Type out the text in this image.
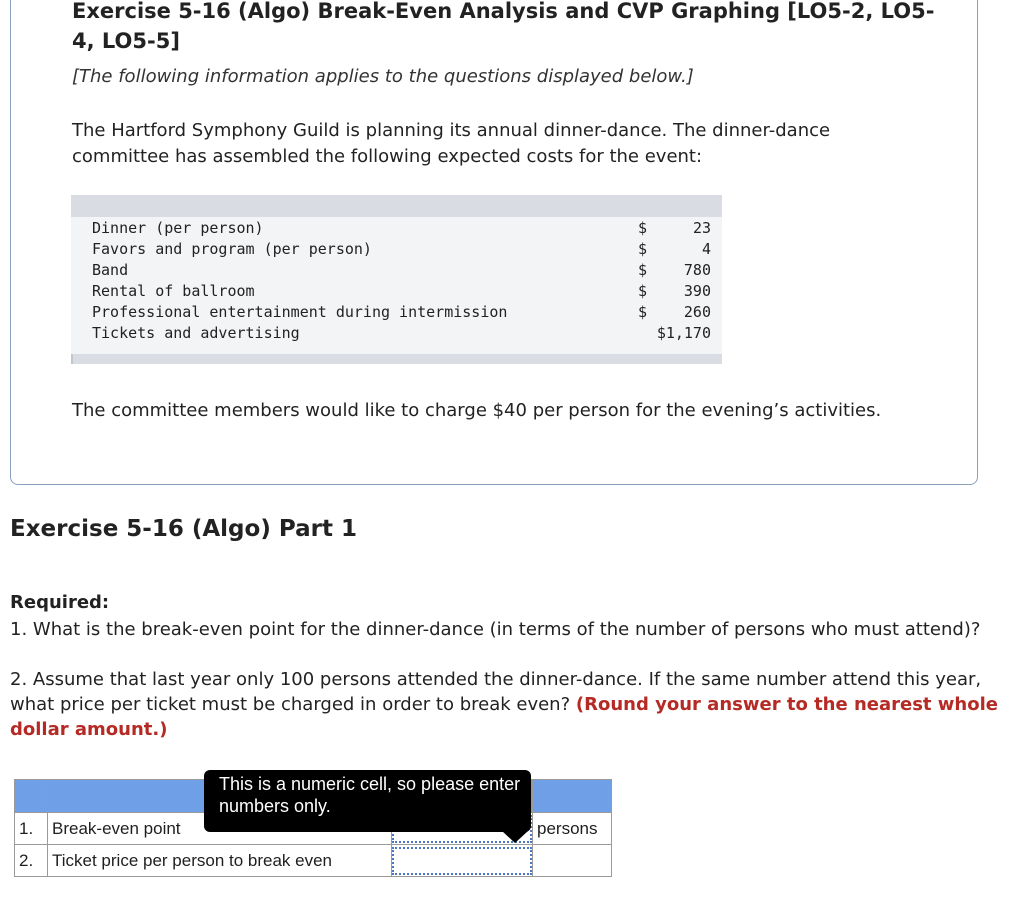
Exercise 5-16 (Algo) Break-Even Analysis and CVP Graphing [LO5-2, LO5-4, LO5-5]
[The following information applies to the questions displayed below.]
The Hartford Symphony Guild is planning its annual dinner-dance. The dinner-dance committee has assembled the following expected costs for the event:
Dinner (per person)	$	23
Favors and program (per person)	$	4
Band	$	780
Rental of ballroom	$	390
Professional entertainment during intermission	$	260
Tickets and advertising	$1,170
The committee members would like to charge $40 per person for the evening’s activities.
Exercise 5-16 (Algo) Part 1
Required:
1. What is the break-even point for the dinner-dance (in terms of the number of persons who must attend)?
2. Assume that last year only 100 persons attended the dinner-dance. If the same number attend this year, what price per ticket must be charged in order to break even? (Round your answer to the nearest whole dollar amount.)

1.	Break-even point		persons
2.	Ticket price per person to break even		
This is a numeric cell, so please enter numbers only.
